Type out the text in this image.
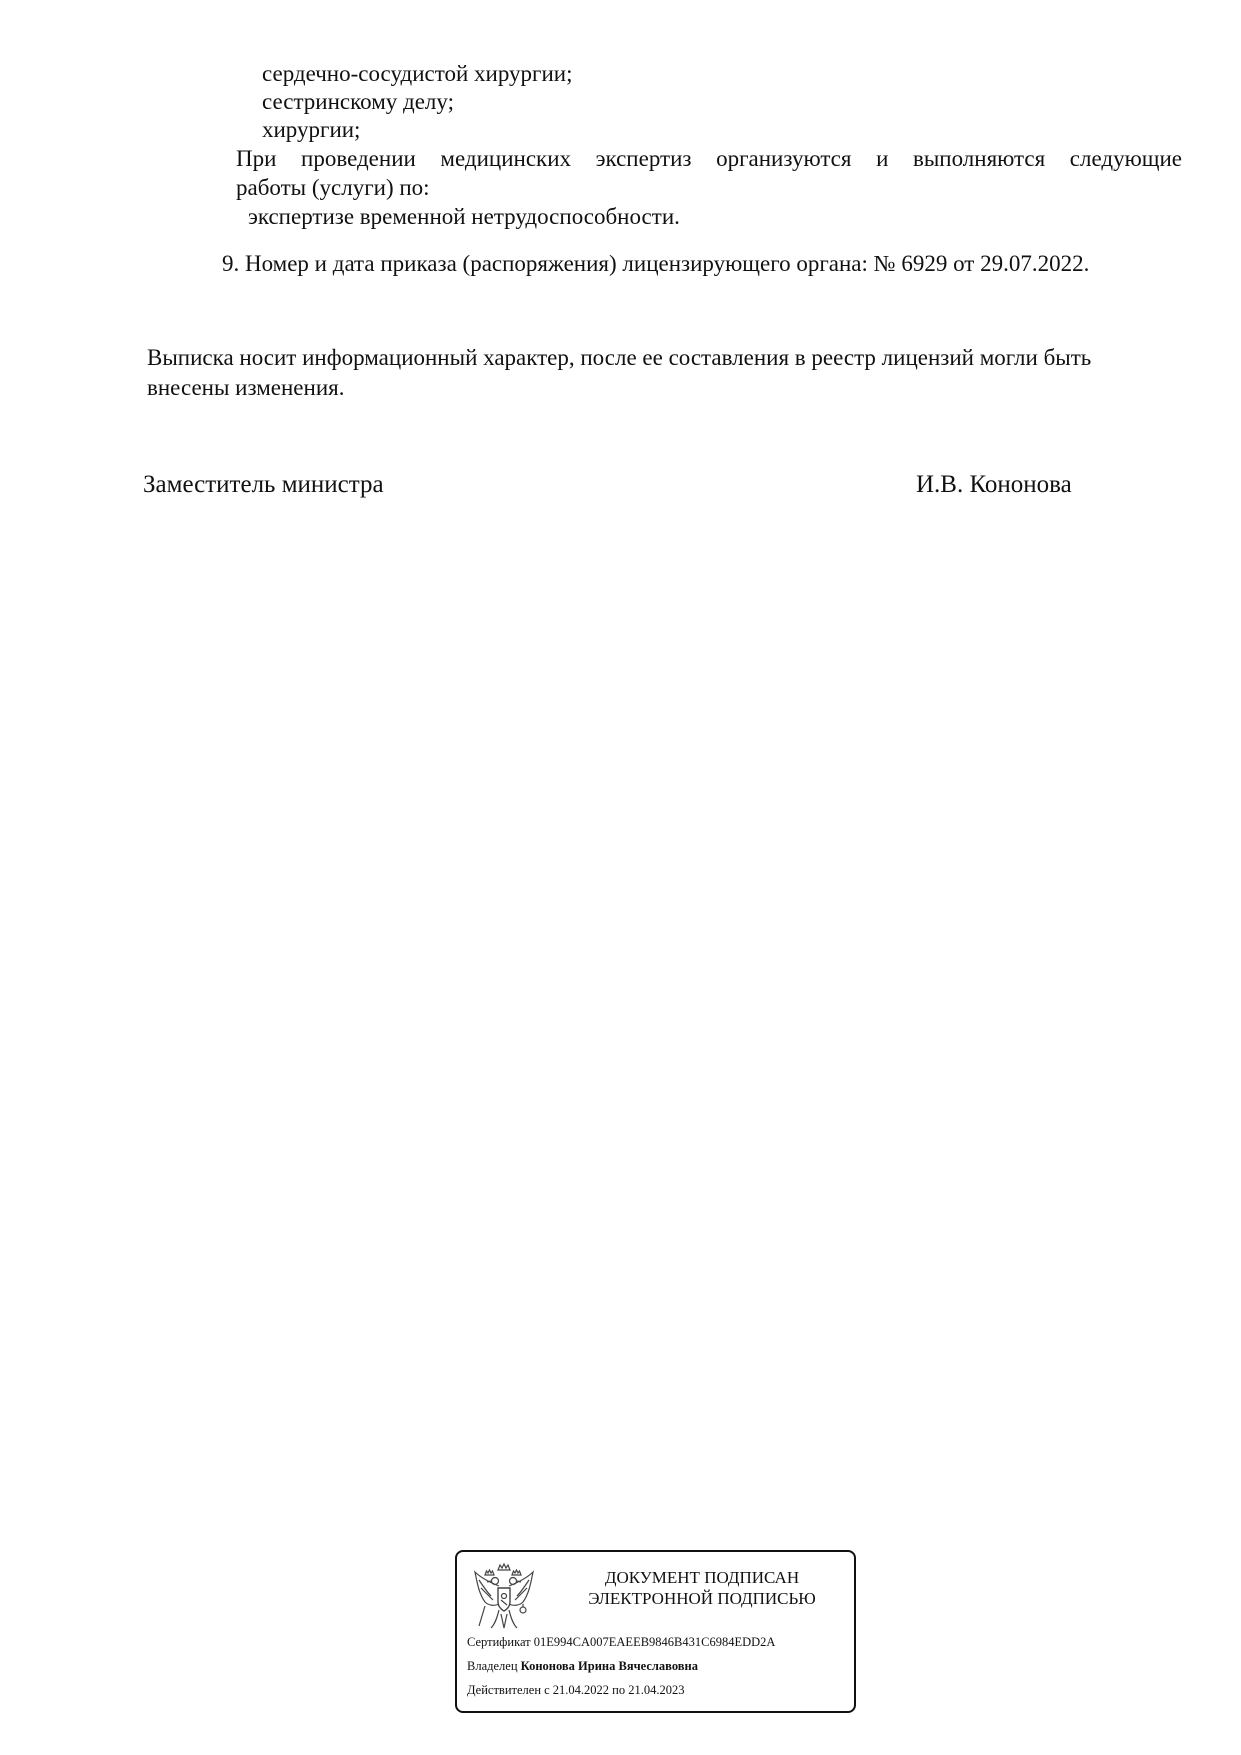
сердечно-сосудистой хирургии;
сестринскому делу;
хирургии;
При проведении медицинских экспертиз организуются и выполняются следующие
работы (услуги) по:
экспертизе временной нетрудоспособности.
9. Номер и дата приказа (распоряжения) лицензирующего органа: № 6929 от 29.07.2022.
Выписка носит информационный характер, после ее составления в реестр лицензий могли быть
внесены изменения.
Заместитель министра	И.В. Кононова
ДОКУМЕНТ ПОДПИСАН
ЭЛЕКТРОННОЙ ПОДПИСЬЮ
Сертификат 01E994CA007EAEEB9846B431C6984EDD2A
Владелец Кононова Ирина Вячеславовна
Действителен с 21.04.2022 по 21.04.2023
